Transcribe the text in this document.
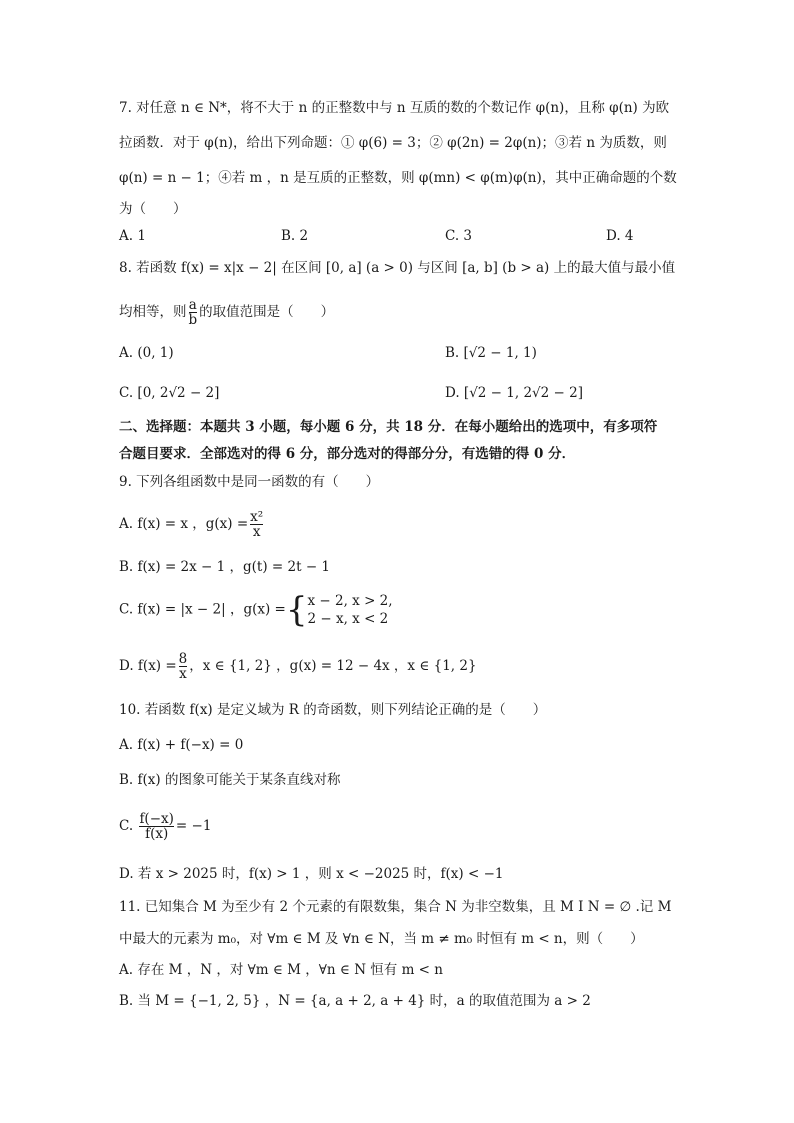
7. 对任意 n ∈ N*，将不大于 n 的正整数中与 n 互质的数的个数记作 φ(n)，且称 φ(n) 为欧
拉函数．对于 φ(n)，给出下列命题：① φ(6) = 3；② φ(2n) = 2φ(n)；③若 n 为质数，则
φ(n) = n − 1；④若 m ，n 是互质的正整数，则 φ(mn) < φ(m)φ(n)，其中正确命题的个数
为（　　）
A. 1	B. 2	C. 3	D. 4
8. 若函数 f(x) = x|x − 2| 在区间 [0, a] (a > 0) 与区间 [a, b] (b > a) 上的最大值与最小值
均相等，则 $\frac{a}{b}$ 的取值范围是（　　）
A. (0, 1)	B. [√2 − 1, 1)
C. [0, 2√2 − 2]	D. [√2 − 1, 2√2 − 2]
二、选择题：本题共 3 小题，每小题 6 分，共 18 分．在每小题给出的选项中，有多项符
合题目要求．全部选对的得 6 分，部分选对的得部分分，有选错的得 0 分．
9. 下列各组函数中是同一函数的有（　　）
A. f(x) = x ，$g(x) = \frac{\text{x²}}{x}$
B. f(x) = 2x − 1 ，g(t) = 2t − 1
C. f(x) = |x − 2| ，g(x) ={ x − 2, x > 2,
2 − x, x < 2
D. $f(x) = \frac{8}{x}$ ，x ∈ {1, 2} ，g(x) = 12 − 4x ，x ∈ {1, 2}
10. 若函数 f(x) 是定义域为 R 的奇函数，则下列结论正确的是（　　）
A. f(x) + f(−x) = 0
B. f(x) 的图象可能关于某条直线对称
C. $\frac{f(-x)}{f(x)} = -1$
D. 若 x > 2025 时，f(x) > 1 ，则 x < −2025 时，f(x) < −1
11. 已知集合 M 为至少有 2 个元素的有限数集，集合 N 为非空数集，且 M Ι N = ∅ .记 M
中最大的元素为 m₀，对 ∀m ∈ M 及 ∀n ∈ N，当 m ≠ m₀ 时恒有 m < n，则（　　）
A. 存在 M ，N ，对 ∀m ∈ M ，∀n ∈ N 恒有 m < n
B. 当 M = {−1, 2, 5} ，N = {a, a + 2, a + 4} 时，a 的取值范围为 a > 2
